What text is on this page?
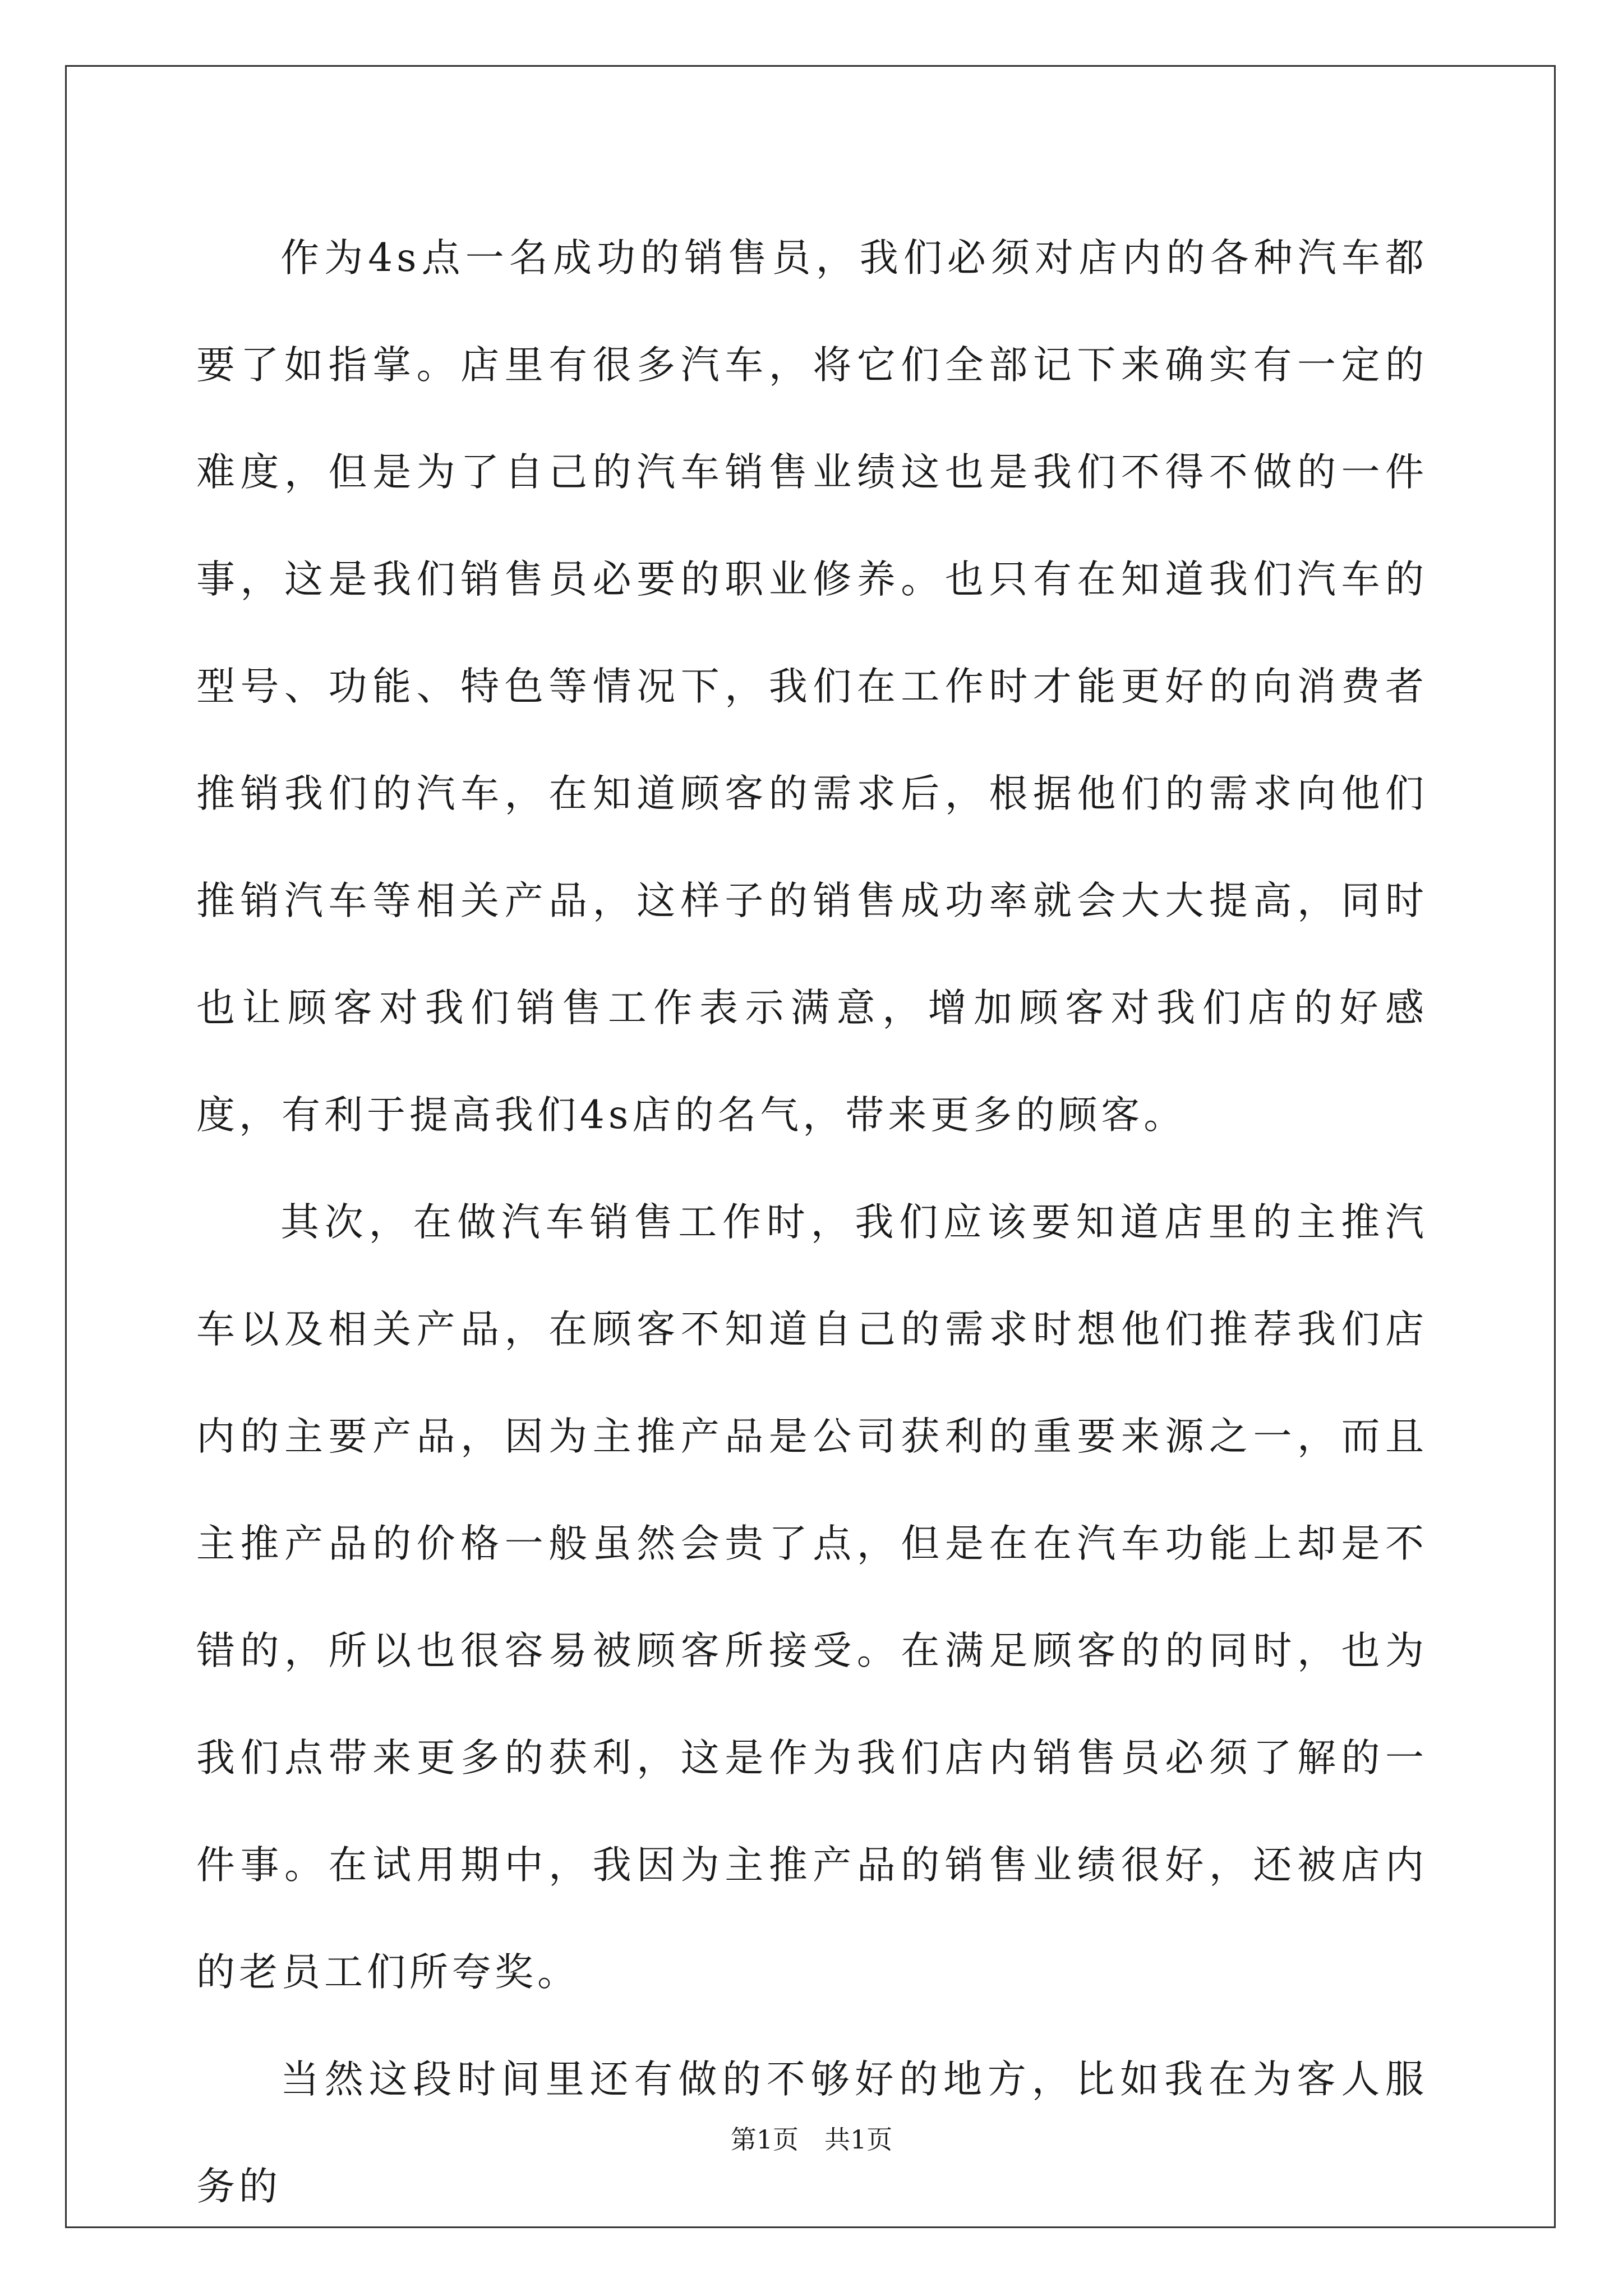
作为4s点一名成功的销售员，我们必须对店内的各种汽车都要了如指掌。店里有很多汽车，将它们全部记下来确实有一定的难度，但是为了自己的汽车销售业绩这也是我们不得不做的一件事，这是我们销售员必要的职业修养。也只有在知道我们汽车的型号、功能、特色等情况下，我们在工作时才能更好的向消费者推销我们的汽车，在知道顾客的需求后，根据他们的需求向他们推销汽车等相关产品，这样子的销售成功率就会大大提高，同时也让顾客对我们销售工作表示满意，增加顾客对我们店的好感度，有利于提高我们4s店的名气，带来更多的顾客。

其次，在做汽车销售工作时，我们应该要知道店里的主推汽车以及相关产品，在顾客不知道自己的需求时想他们推荐我们店内的主要产品，因为主推产品是公司获利的重要来源之一，而且主推产品的价格一般虽然会贵了点，但是在在汽车功能上却是不错的，所以也很容易被顾客所接受。在满足顾客的的同时，也为我们点带来更多的获利，这是作为我们店内销售员必须了解的一件事。在试用期中，我因为主推产品的销售业绩很好，还被店内的老员工们所夸奖。

当然这段时间里还有做的不够好的地方，比如我在为客人服务的

第1页　共1页
